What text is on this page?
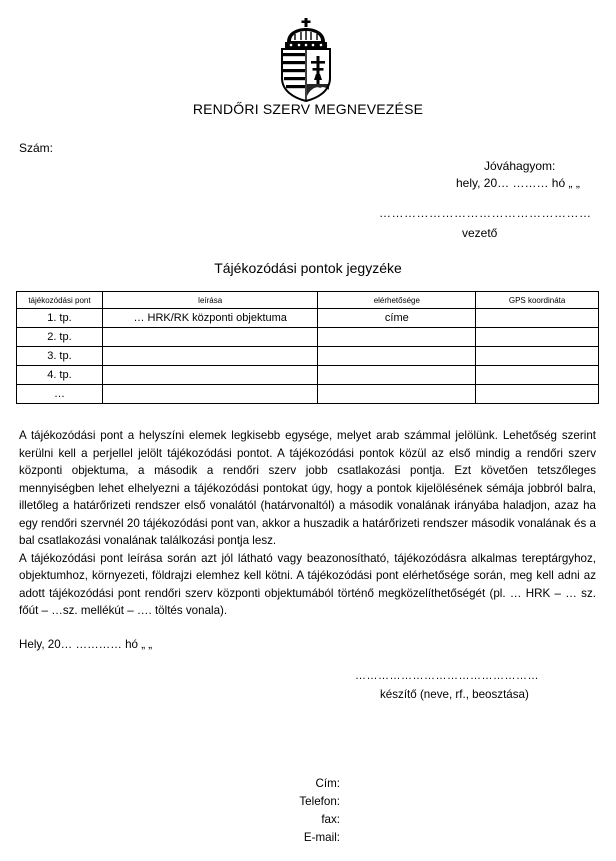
RENDŐRI SZERV MEGNEVEZÉSE
Szám:
Jóváhagyom:
hely, 20… ……… hó „ „
……………………………………………
vezető
Tájékozódási pontok jegyzéke
tájékozódási pont	leírása	elérhetősége	GPS koordináta
1. tp.	… HRK/RK központi objektuma	címe	
2. tp.			
3. tp.			
4. tp.			
…			

A tájékozódási pont a helyszíni elemek legkisebb egysége, melyet arab számmal jelölünk. Lehetőség szerint kerülni kell a perjellel jelölt tájékozódási pontot. A tájékozódási pontok közül az első mindig a rendőri szerv központi objektuma, a második a rendőri szerv jobb csatlakozási pontja. Ezt követően tetszőleges mennyiségben lehet elhelyezni a tájékozódási pontokat úgy, hogy a pontok kijelölésének sémája jobbról balra, illetőleg a határőrizeti rendszer első vonalától (határvonaltól) a második vonalának irányába haladjon, azaz ha egy rendőri szervnél 20 tájékozódási pont van, akkor a huszadik a határőrizeti rendszer második vonalának és a bal csatlakozási vonalának találkozási pontja lesz.

A tájékozódási pont leírása során azt jól látható vagy beazonosítható, tájékozódásra alkalmas tereptárgyhoz, objektumhoz, környezeti, földrajzi elemhez kell kötni. A tájékozódási pont elérhetősége során, meg kell adni az adott tájékozódási pont rendőri szerv központi objektumából történő megközelíthetőségét (pl. … HRK – … sz. főút – …sz. mellékút – …. töltés vonala).

Hely, 20… ………… hó „ „
…………………………………………
készítő (neve, rf., beosztása)
Cím:
Telefon:
fax:
E-mail:
